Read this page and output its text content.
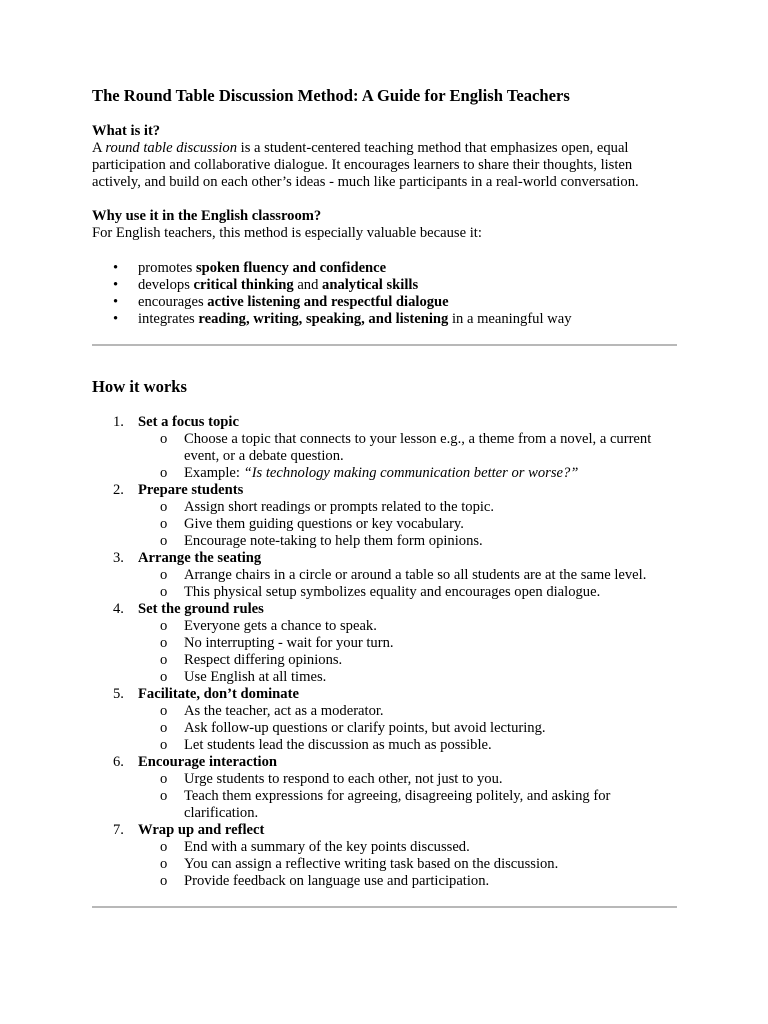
The Round Table Discussion Method: A Guide for English Teachers
What is it?

A round table discussion is a student-centered teaching method that emphasizes open, equal participation and collaborative dialogue. It encourages learners to share their thoughts, listen actively, and build on each other’s ideas - much like participants in a real-world conversation.

Why use it in the English classroom?

For English teachers, this method is especially valuable because it:

• promotes spoken fluency and confidence
• develops critical thinking and analytical skills
• encourages active listening and respectful dialogue
• integrates reading, writing, speaking, and listening in a meaningful way
How it works
1. Set a focus topic
o Choose a topic that connects to your lesson e.g., a theme from a novel, a current event, or a debate question.
o Example: “Is technology making communication better or worse?”
2. Prepare students
o Assign short readings or prompts related to the topic.
o Give them guiding questions or key vocabulary.
o Encourage note-taking to help them form opinions.
3. Arrange the seating
o Arrange chairs in a circle or around a table so all students are at the same level.
o This physical setup symbolizes equality and encourages open dialogue.
4. Set the ground rules
o Everyone gets a chance to speak.
o No interrupting - wait for your turn.
o Respect differing opinions.
o Use English at all times.
5. Facilitate, don’t dominate
o As the teacher, act as a moderator.
o Ask follow-up questions or clarify points, but avoid lecturing.
o Let students lead the discussion as much as possible.
6. Encourage interaction
o Urge students to respond to each other, not just to you.
o Teach them expressions for agreeing, disagreeing politely, and asking for clarification.
7. Wrap up and reflect
o End with a summary of the key points discussed.
o You can assign a reflective writing task based on the discussion.
o Provide feedback on language use and participation.
